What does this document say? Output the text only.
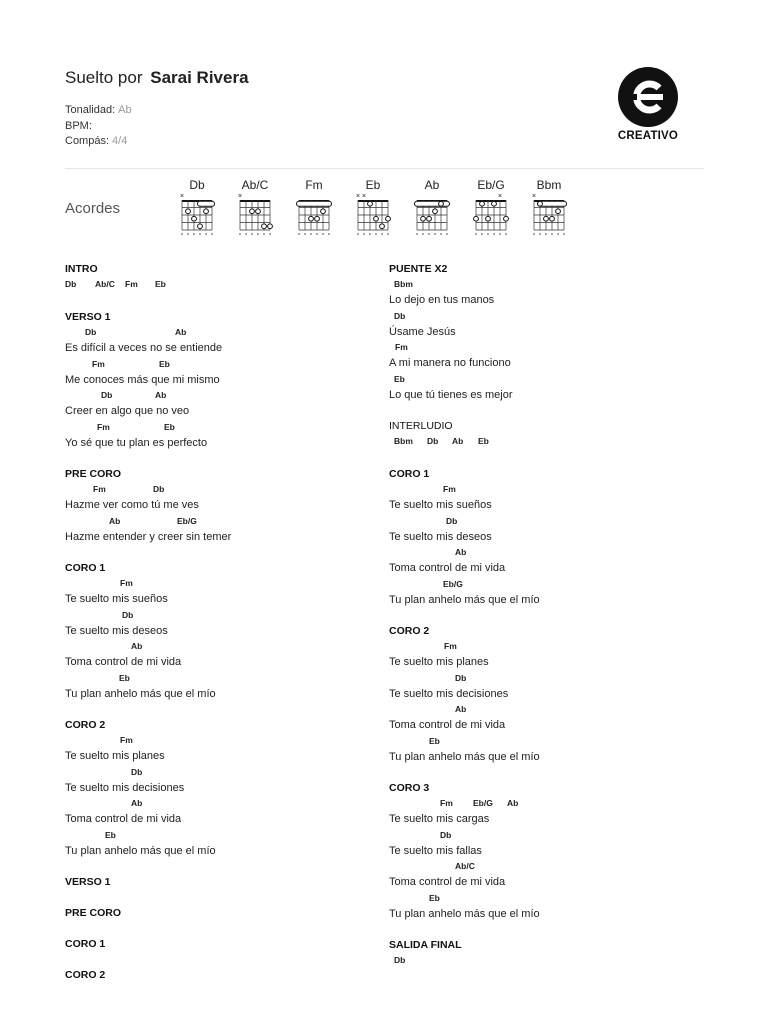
Suelto por Sarai Rivera
Tonalidad: Ab
BPM:
Compás: 4/4	CREATIVO
Acordes
Db
×
Ab/C
×
Fm	Eb
× ×
Ab	Eb/G
×
Bbm
×
INTRO
Db Ab/C Fm Eb
VERSO 1
Db	Ab
Es difícil a veces no se entiende
Fm	Eb
Me conoces más que mi mismo
Db	Ab
Creer en algo que no veo
Fm	Eb
Yo sé que tu plan es perfecto
PRE CORO
Fm	Db
Hazme ver como tú me ves
Ab	Eb/G
Hazme entender y creer sin temer
CORO 1
Fm
Te suelto mis sueños
Db
Te suelto mis deseos
Ab
Toma control de mi vida
Eb
Tu plan anhelo más que el mío
CORO 2
Fm
Te suelto mis planes
Db
Te suelto mis decisiones
Ab
Toma control de mi vida
Eb
Tu plan anhelo más que el mío
VERSO 1
PRE CORO
CORO 1
CORO 2
PUENTE X2
Bbm
Lo dejo en tus manos
Db
Úsame Jesús
Fm
A mi manera no funciono
Eb
Lo que tú tienes es mejor
INTERLUDIO
Bbm Db Ab Eb
CORO 1
Fm
Te suelto mis sueños
Db
Te suelto mis deseos
Ab
Toma control de mi vida
Eb/G
Tu plan anhelo más que el mío
CORO 2
Fm
Te suelto mis planes
Db
Te suelto mis decisiones
Ab
Toma control de mi vida
Eb
Tu plan anhelo más que el mío
CORO 3
Fm Eb/G Ab
Te suelto mis cargas
Db
Te suelto mis fallas
Ab/C
Toma control de mi vida
Eb
Tu plan anhelo más que el mío
SALIDA FINAL
Db
